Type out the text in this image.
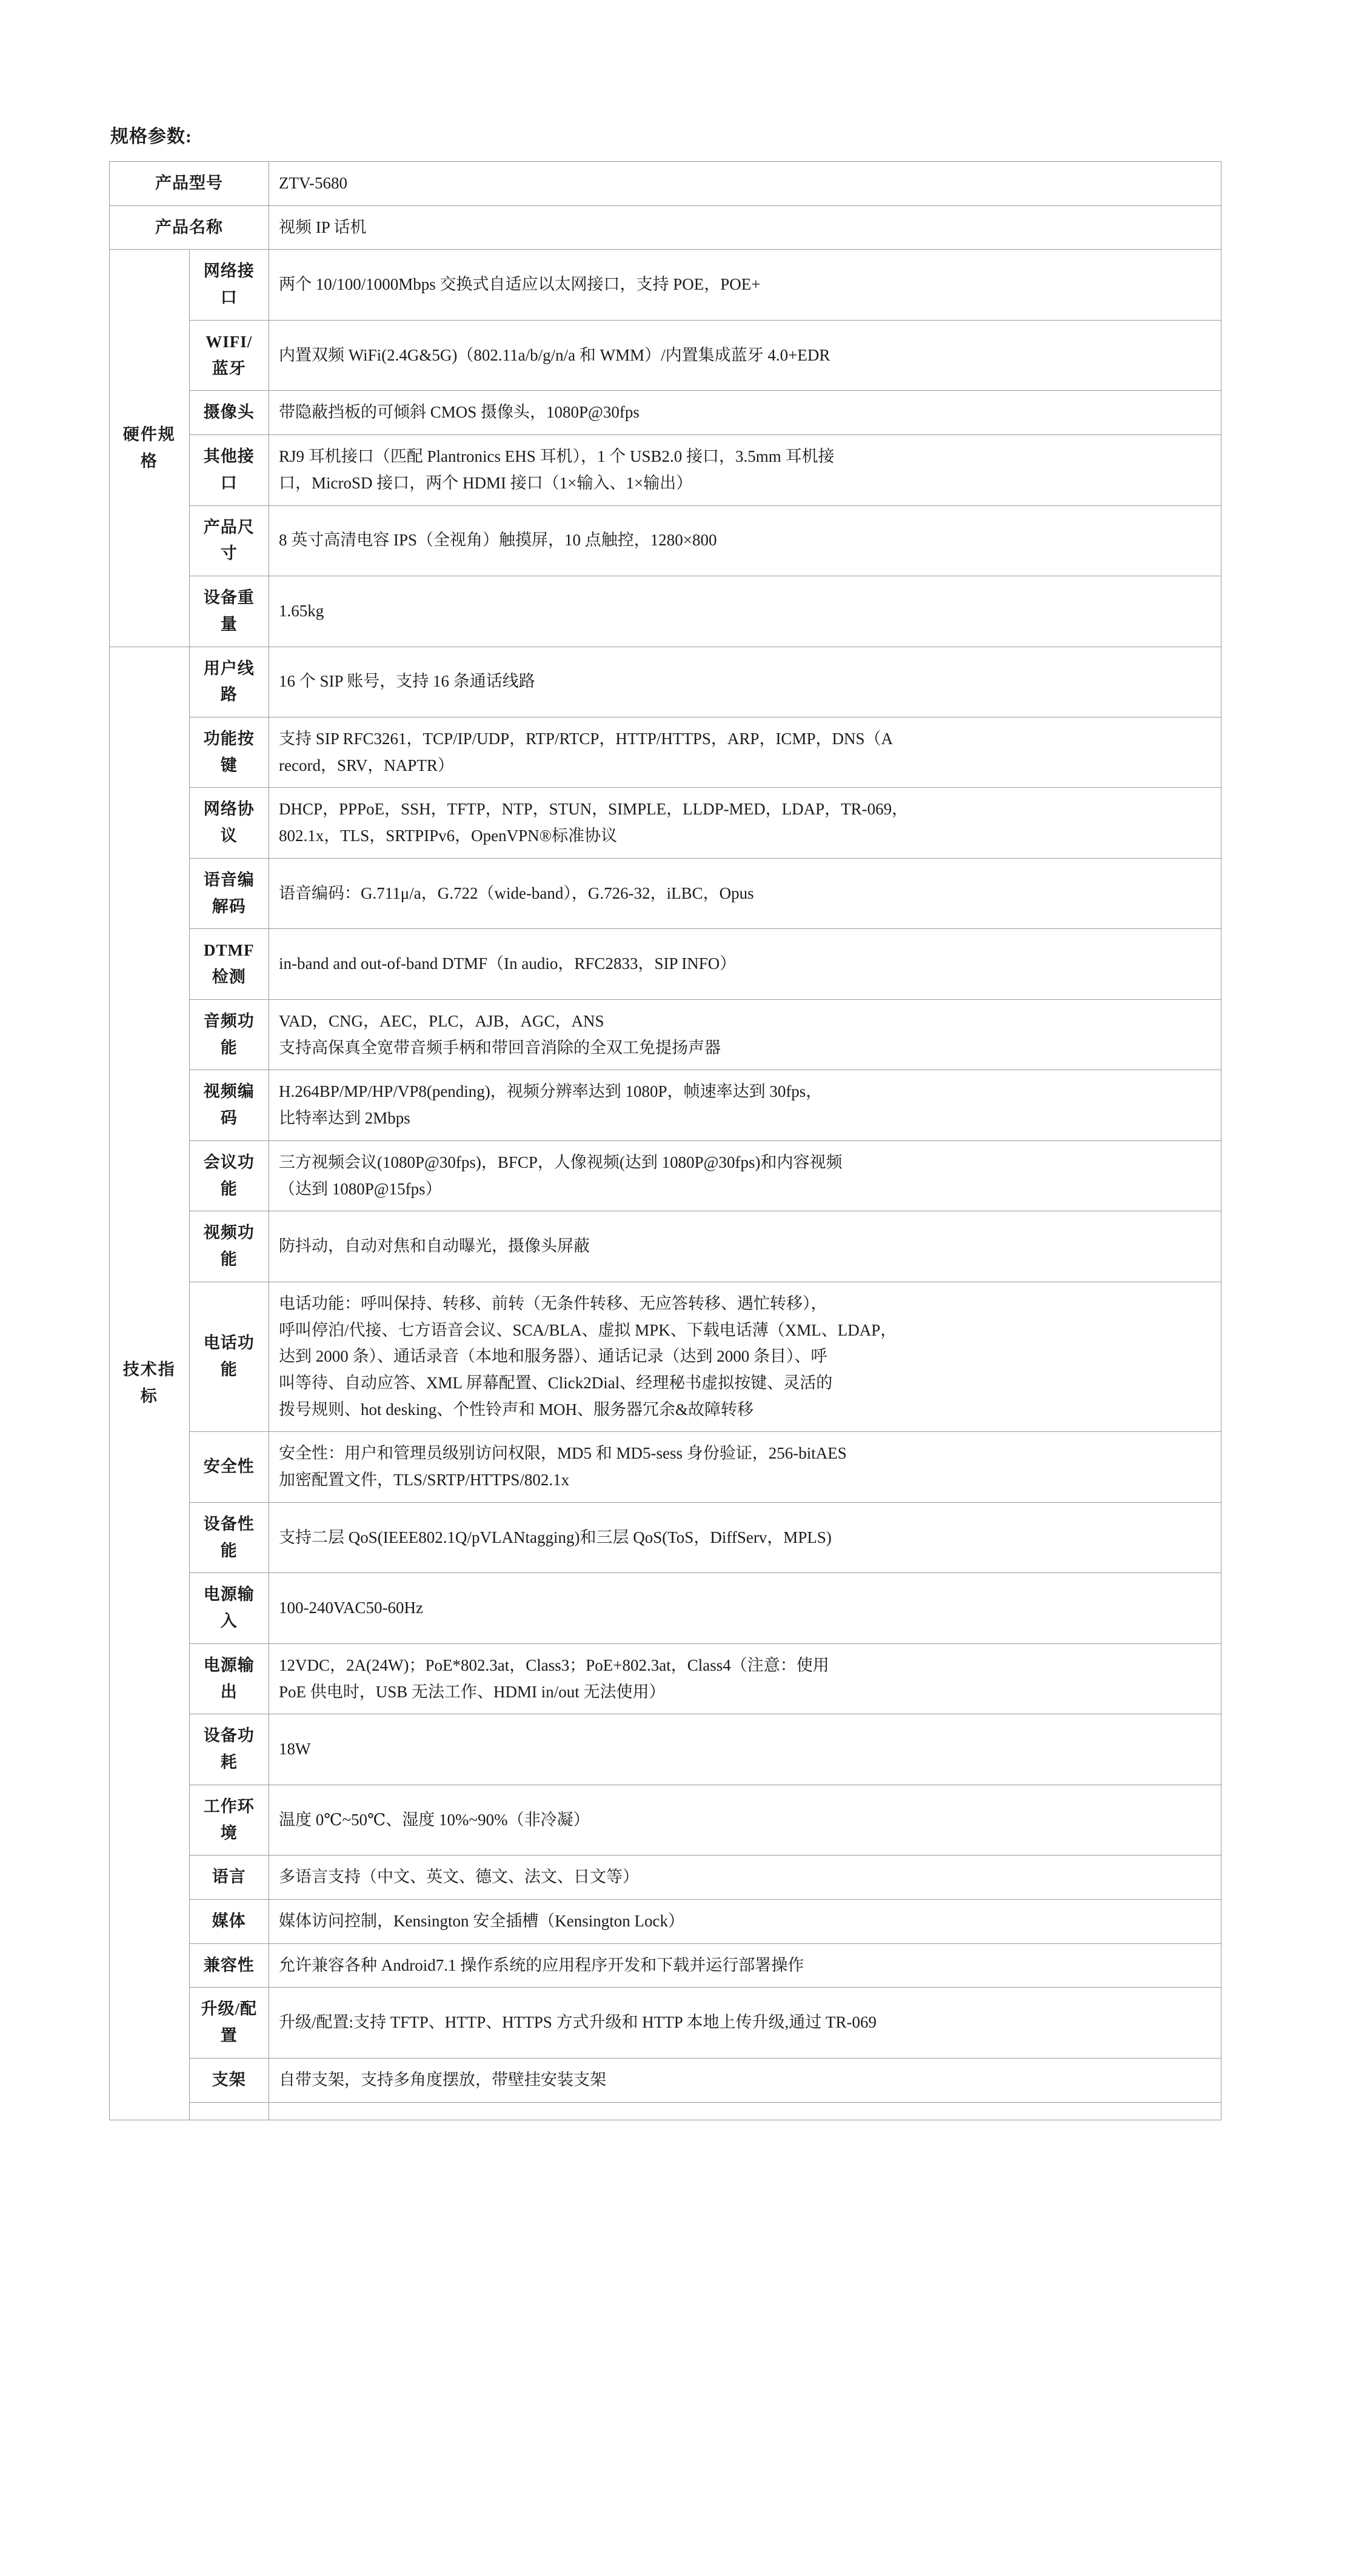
规格参数:
产品型号		ZTV-5680

产品名称		视频 IP 话机

硬件规格	网络接口	两个 10/100/1000Mbps 交换式自适应以太网接口，支持 POE，POE+

	WIFI/蓝牙	内置双频 WiFi(2.4G&5G)（802.11a/b/g/n/a 和 WMM）/内置集成蓝牙 4.0+EDR

	摄像头	带隐蔽挡板的可倾斜 CMOS 摄像头，1080P@30fps

	其他接口	RJ9 耳机接口（匹配 Plantronics EHS 耳机），1 个 USB2.0 接口，3.5mm 耳机接
口，MicroSD 接口，两个 HDMI 接口（1×输入、1×输出）

	产品尺寸	8 英寸高清电容 IPS（全视角）触摸屏，10 点触控，1280×800

	设备重量	1.65kg

技术指标	用户线路	16 个 SIP 账号，支持 16 条通话线路

	功能按键	支持 SIP RFC3261，TCP/IP/UDP，RTP/RTCP，HTTP/HTTPS，ARP，ICMP，DNS（A
record，SRV，NAPTR）

	网络协议	DHCP，PPPoE，SSH，TFTP，NTP，STUN，SIMPLE，LLDP-MED，LDAP，TR-069，
802.1x，TLS，SRTPIPv6，OpenVPN®标准协议

	语音编解码	语音编码：G.711μ/a，G.722（wide-band），G.726-32，iLBC，Opus

	DTMF 检测	in-band and out-of-band DTMF（In audio，RFC2833，SIP INFO）

	音频功能	VAD，CNG，AEC，PLC，AJB，AGC，ANS
支持高保真全宽带音频手柄和带回音消除的全双工免提扬声器

	视频编码	H.264BP/MP/HP/VP8(pending)，视频分辨率达到 1080P，帧速率达到 30fps，
比特率达到 2Mbps

	会议功能	三方视频会议(1080P@30fps)，BFCP，人像视频(达到 1080P@30fps)和内容视频
（达到 1080P@15fps）

	视频功能	防抖动，自动对焦和自动曝光，摄像头屏蔽

	电话功能	电话功能：呼叫保持、转移、前转（无条件转移、无应答转移、遇忙转移），
呼叫停泊/代接、七方语音会议、SCA/BLA、虚拟 MPK、下载电话薄（XML、LDAP，
达到 2000 条）、通话录音（本地和服务器）、通话记录（达到 2000 条目）、呼
叫等待、自动应答、XML 屏幕配置、Click2Dial、经理秘书虚拟按键、灵活的
拨号规则、hot desking、个性铃声和 MOH、服务器冗余&故障转移

	安全性	安全性：用户和管理员级别访问权限，MD5 和 MD5-sess 身份验证，256-bitAES
加密配置文件，TLS/SRTP/HTTPS/802.1x

	设备性能	支持二层 QoS(IEEE802.1Q/pVLANtagging)和三层 QoS(ToS，DiffServ，MPLS)

	电源输入	100-240VAC50-60Hz

	电源输出	12VDC，2A(24W)；PoE*802.3at，Class3；PoE+802.3at，Class4（注意：使用
PoE 供电时，USB 无法工作、HDMI in/out 无法使用）

	设备功耗	18W

	工作环境	温度 0℃~50℃、湿度 10%~90%（非冷凝）

	语言	多语言支持（中文、英文、德文、法文、日文等）

	媒体	媒体访问控制，Kensington 安全插槽（Kensington Lock）

	兼容性	允许兼容各种 Android7.1 操作系统的应用程序开发和下载并运行部署操作

	升级/配置	升级/配置:支持 TFTP、HTTP、HTTPS 方式升级和 HTTP 本地上传升级,通过 TR-069

	支架	自带支架，支持多角度摆放，带壁挂安装支架
